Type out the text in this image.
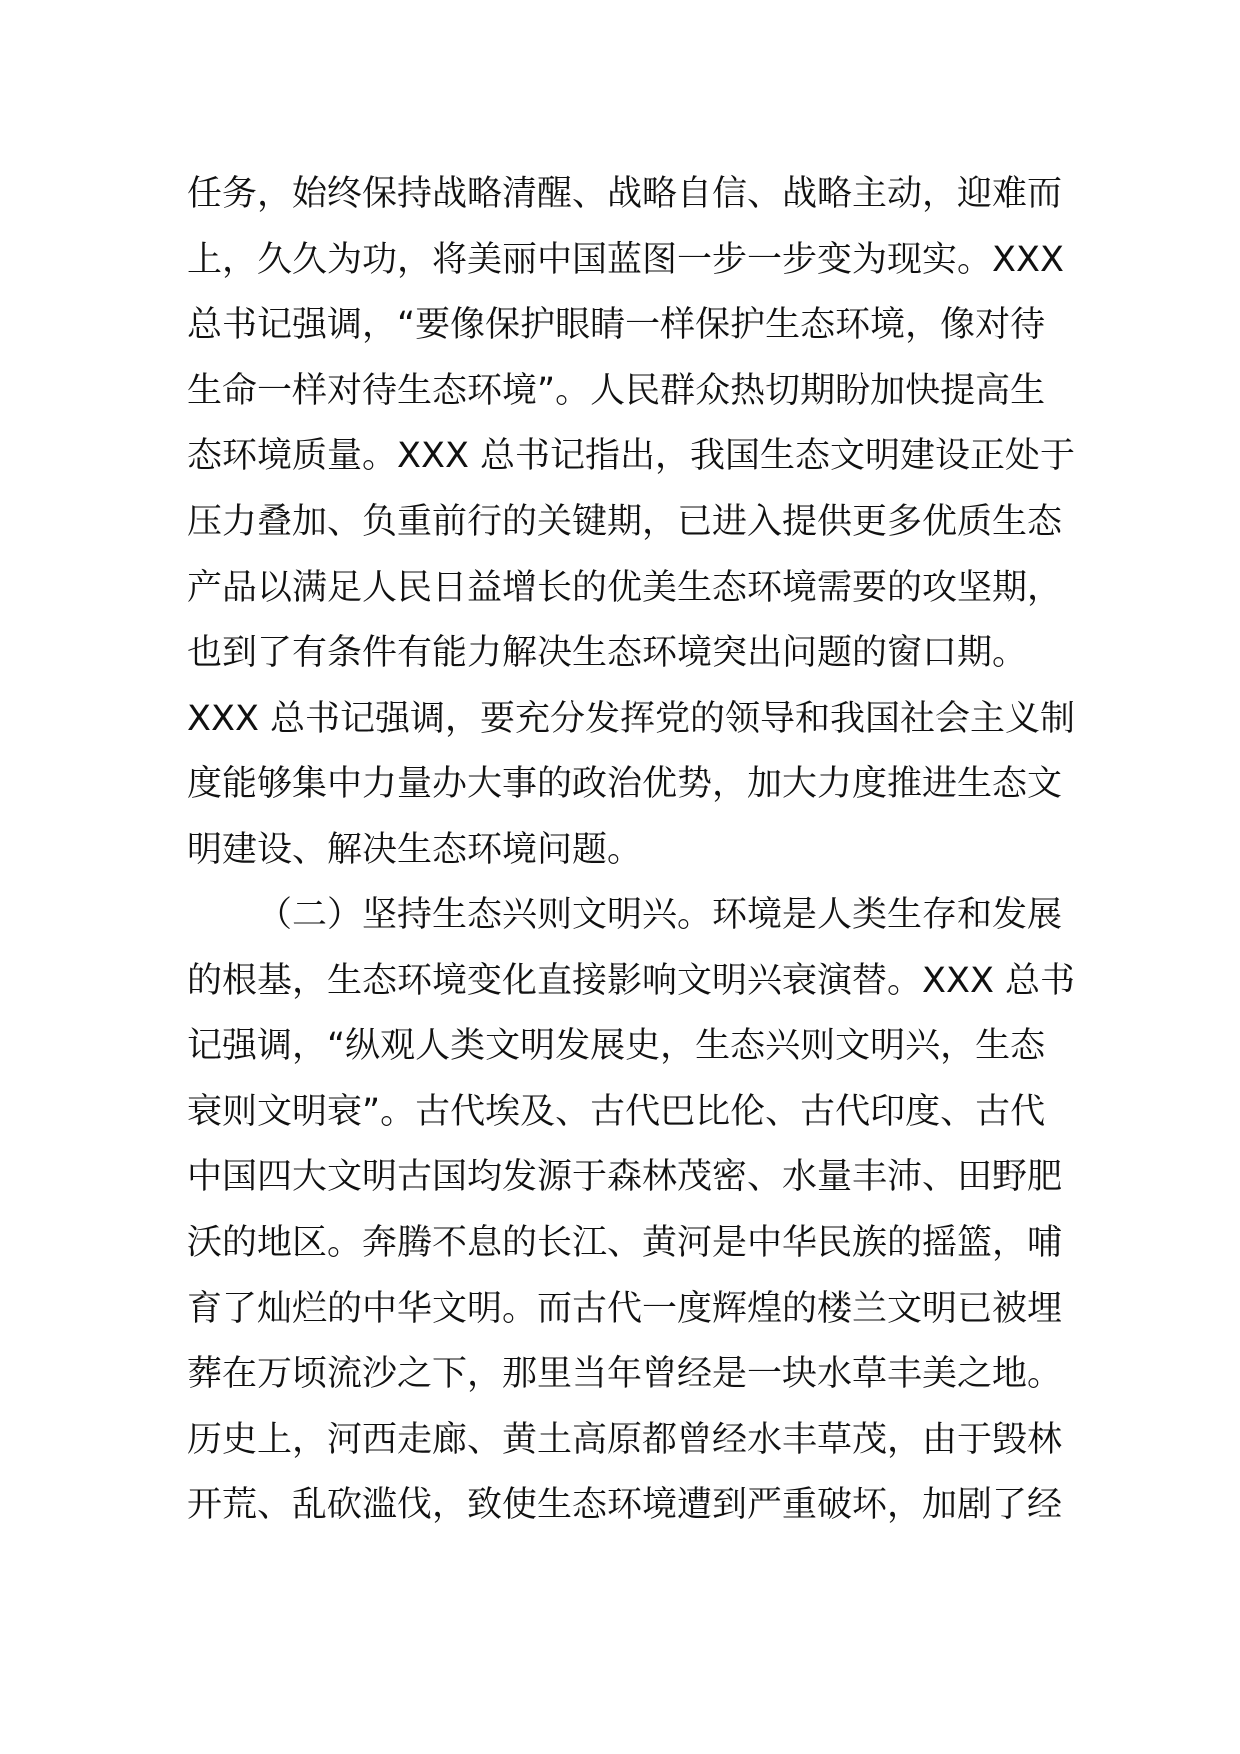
任务，始终保持战略清醒、战略自信、战略主动，迎难而
上，久久为功，将美丽中国蓝图一步一步变为现实。XXX
总书记强调，“要像保护眼睛一样保护生态环境，像对待
生命一样对待生态环境”。人民群众热切期盼加快提高生
态环境质量。XXX 总书记指出，我国生态文明建设正处于
压力叠加、负重前行的关键期，已进入提供更多优质生态
产品以满足人民日益增长的优美生态环境需要的攻坚期，
也到了有条件有能力解决生态环境突出问题的窗口期。
XXX 总书记强调，要充分发挥党的领导和我国社会主义制
度能够集中力量办大事的政治优势，加大力度推进生态文
明建设、解决生态环境问题。
（二）坚持生态兴则文明兴。环境是人类生存和发展
的根基，生态环境变化直接影响文明兴衰演替。XXX 总书
记强调，“纵观人类文明发展史，生态兴则文明兴，生态
衰则文明衰”。古代埃及、古代巴比伦、古代印度、古代
中国四大文明古国均发源于森林茂密、水量丰沛、田野肥
沃的地区。奔腾不息的长江、黄河是中华民族的摇篮，哺
育了灿烂的中华文明。而古代一度辉煌的楼兰文明已被埋
葬在万顷流沙之下，那里当年曾经是一块水草丰美之地。
历史上，河西走廊、黄土高原都曾经水丰草茂，由于毁林
开荒、乱砍滥伐，致使生态环境遭到严重破坏，加剧了经
